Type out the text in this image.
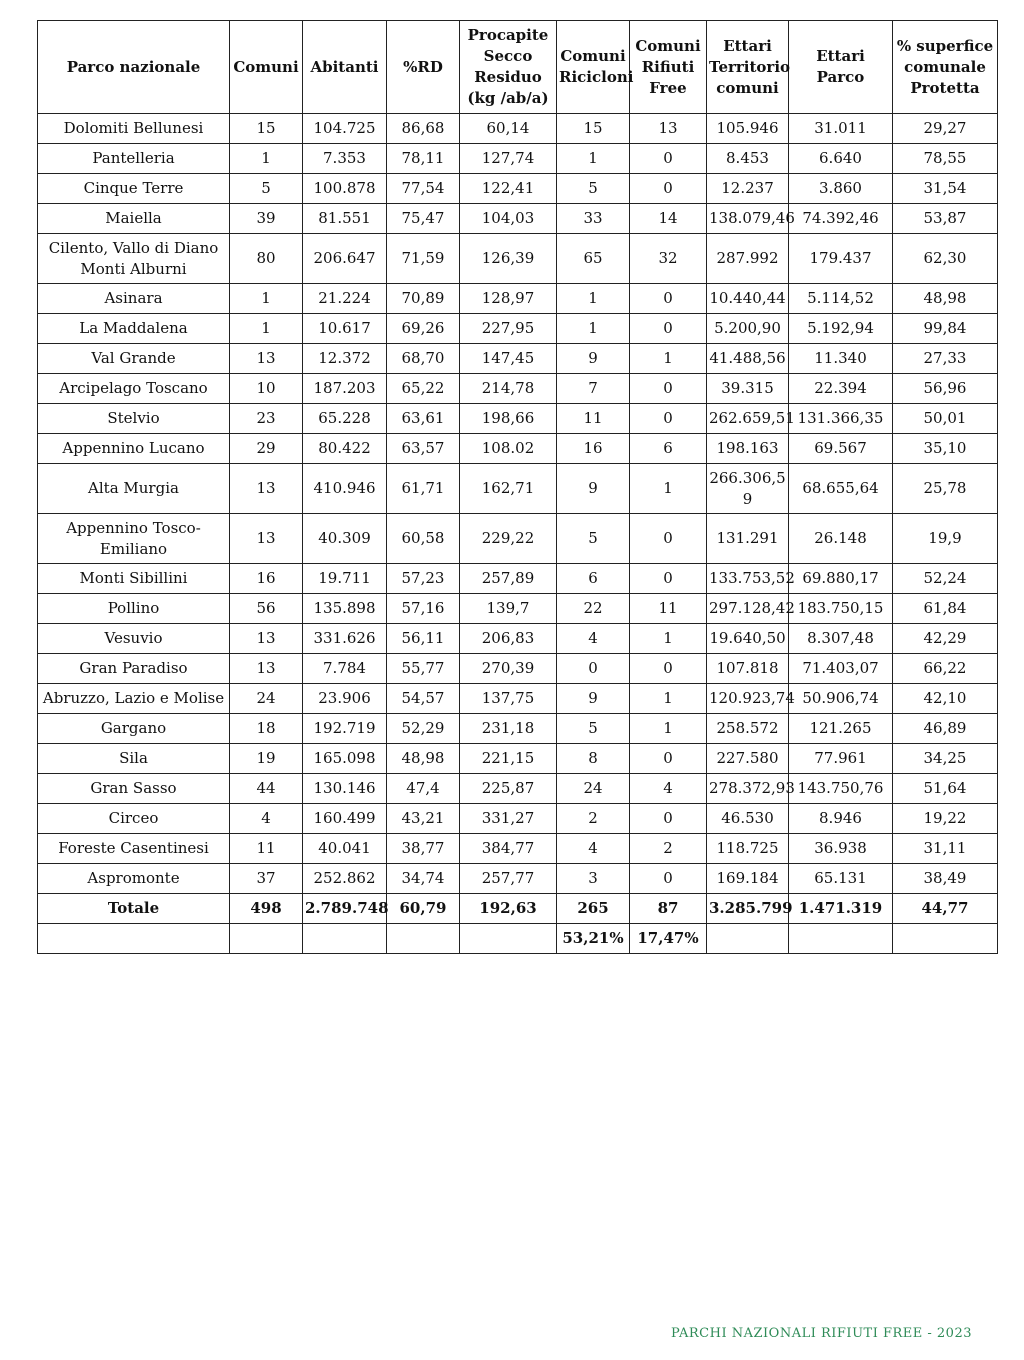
Parco nazionale	Comuni	Abitanti	%RD	Procapite Secco Residuo (kg /ab/a)	Comuni Ricicloni	Comuni Rifiuti Free	Ettari Territorio comuni	Ettari Parco	% superfice comunale Protetta
Dolomiti Bellunesi	15	104.725	86,68	60,14	15	13	105.946	31.011	29,27
Pantelleria	1	7.353	78,11	127,74	1	0	8.453	6.640	78,55
Cinque Terre	5	100.878	77,54	122,41	5	0	12.237	3.860	31,54
Maiella	39	81.551	75,47	104,03	33	14	138.079,46	74.392,46	53,87
Cilento, Vallo di Diano Monti Alburni	80	206.647	71,59	126,39	65	32	287.992	179.437	62,30
Asinara	1	21.224	70,89	128,97	1	0	10.440,44	5.114,52	48,98
La Maddalena	1	10.617	69,26	227,95	1	0	5.200,90	5.192,94	99,84
Val Grande	13	12.372	68,70	147,45	9	1	41.488,56	11.340	27,33
Arcipelago Toscano	10	187.203	65,22	214,78	7	0	39.315	22.394	56,96
Stelvio	23	65.228	63,61	198,66	11	0	262.659,51	131.366,35	50,01
Appennino Lucano	29	80.422	63,57	108.02	16	6	198.163	69.567	35,10
Alta Murgia	13	410.946	61,71	162,71	9	1	266.306,5 9	68.655,64	25,78
Appennino Tosco-Emiliano	13	40.309	60,58	229,22	5	0	131.291	26.148	19,9
Monti Sibillini	16	19.711	57,23	257,89	6	0	133.753,52	69.880,17	52,24
Pollino	56	135.898	57,16	139,7	22	11	297.128,42	183.750,15	61,84
Vesuvio	13	331.626	56,11	206,83	4	1	19.640,50	8.307,48	42,29
Gran Paradiso	13	7.784	55,77	270,39	0	0	107.818	71.403,07	66,22
Abruzzo, Lazio e Molise	24	23.906	54,57	137,75	9	1	120.923,74	50.906,74	42,10
Gargano	18	192.719	52,29	231,18	5	1	258.572	121.265	46,89
Sila	19	165.098	48,98	221,15	8	0	227.580	77.961	34,25
Gran Sasso	44	130.146	47,4	225,87	24	4	278.372,93	143.750,76	51,64
Circeo	4	160.499	43,21	331,27	2	0	46.530	8.946	19,22
Foreste Casentinesi	11	40.041	38,77	384,77	4	2	118.725	36.938	31,11
Aspromonte	37	252.862	34,74	257,77	3	0	169.184	65.131	38,49
Totale	498	2.789.748	60,79	192,63	265	87	3.285.799	1.471.319	44,77
					53,21%	17,47%			
PARCHI NAZIONALI RIFIUTI FREE - 2023
